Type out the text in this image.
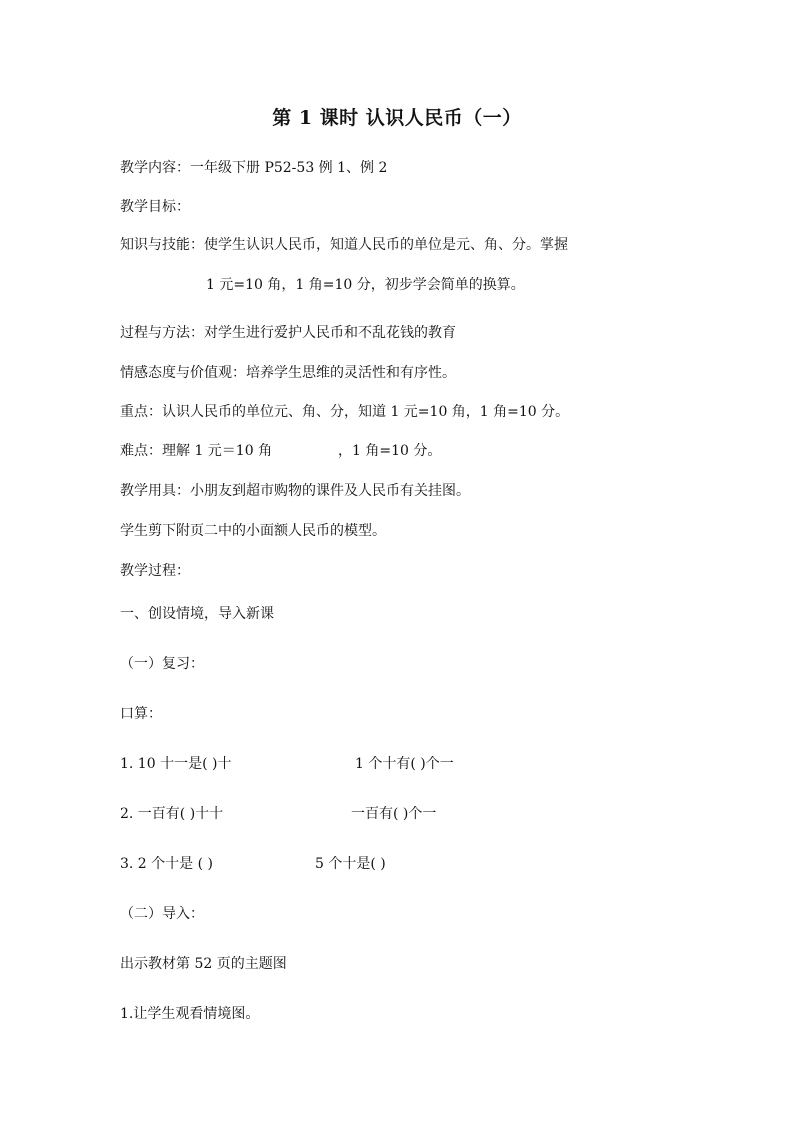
第 1 课时 认识人民币（一）
教学内容：一年级下册 P52-53 例 1、例 2
教学目标：
知识与技能：使学生认识人民币，知道人民币的单位是元、角、分。掌握
1 元=10 角，1 角=10 分，初步学会简单的换算。
过程与方法：对学生进行爱护人民币和不乱花钱的教育
情感态度与价值观：培养学生思维的灵活性和有序性。
重点：认识人民币的单位元、角、分，知道 1 元=10 角，1 角=10 分。
难点：理解 1 元＝10 角	，1 角=10 分。
教学用具：小朋友到超市购物的课件及人民币有关挂图。
学生剪下附页二中的小面额人民币的模型。
教学过程：
一、创设情境，导入新课
（一）复习：
口算：
1. 10 十一是( )十	1 个十有( )个一
2. 一百有( )十十	一百有( )个一
3. 2 个十是 ( )	5 个十是( )
（二）导入：
出示教材第 52 页的主题图
1.让学生观看情境图。
